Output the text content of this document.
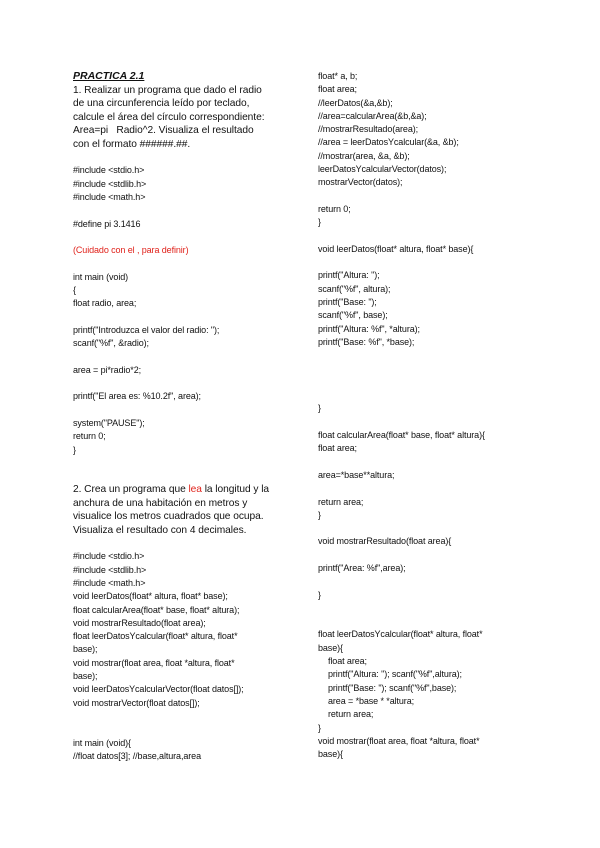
PRACTICA 2.1
1. Realizar un programa que dado el radio
de una circunferencia leído por teclado,
calcule el área del círculo correspondiente:
Area=pi   Radio^2. Visualiza el resultado
con el formato ######.##.
#include <stdio.h>
#include <stdlib.h>
#include <math.h>
#define pi 3.1416
(Cuidado con el , para definir)
int main (void)
{
float radio, area;
printf("Introduzca el valor del radio: ");
scanf("%f", &radio);
area = pi*radio*2;
printf("El area es: %10.2f", area);
system("PAUSE");
return 0;
}
2. Crea un programa que lea la longitud y la
anchura de una habitación en metros y
visualice los metros cuadrados que ocupa.
Visualiza el resultado con 4 decimales.
#include <stdio.h>
#include <stdlib.h>
#include <math.h>
void leerDatos(float* altura, float* base);
float calcularArea(float* base, float* altura);
void mostrarResultado(float area);
float leerDatosYcalcular(float* altura, float*
base);
void mostrar(float area, float *altura, float*
base);
void leerDatosYcalcularVector(float datos[]);
void mostrarVector(float datos[]);
int main (void){
//float datos[3]; //base,altura,area
float* a, b;
float area;
//leerDatos(&a,&b);
//area=calcularArea(&b,&a);
//mostrarResultado(area);
//area = leerDatosYcalcular(&a, &b);
//mostrar(area, &a, &b);
leerDatosYcalcularVector(datos);
mostrarVector(datos);
return 0;
}
void leerDatos(float* altura, float* base){
printf("Altura: ");
scanf("%f", altura);
printf("Base: ");
scanf("%f", base);
printf("Altura: %f", *altura);
printf("Base: %f", *base);
}
float calcularArea(float* base, float* altura){
float area;
area=*base**altura;
return area;
}
void mostrarResultado(float area){
printf("Area: %f",area);
}
float leerDatosYcalcular(float* altura, float*
base){
float area;
printf("Altura: "); scanf("%f",altura);
printf("Base: "); scanf("%f",base);
area = *base * *altura;
return area;
}
void mostrar(float area, float *altura, float*
base){
